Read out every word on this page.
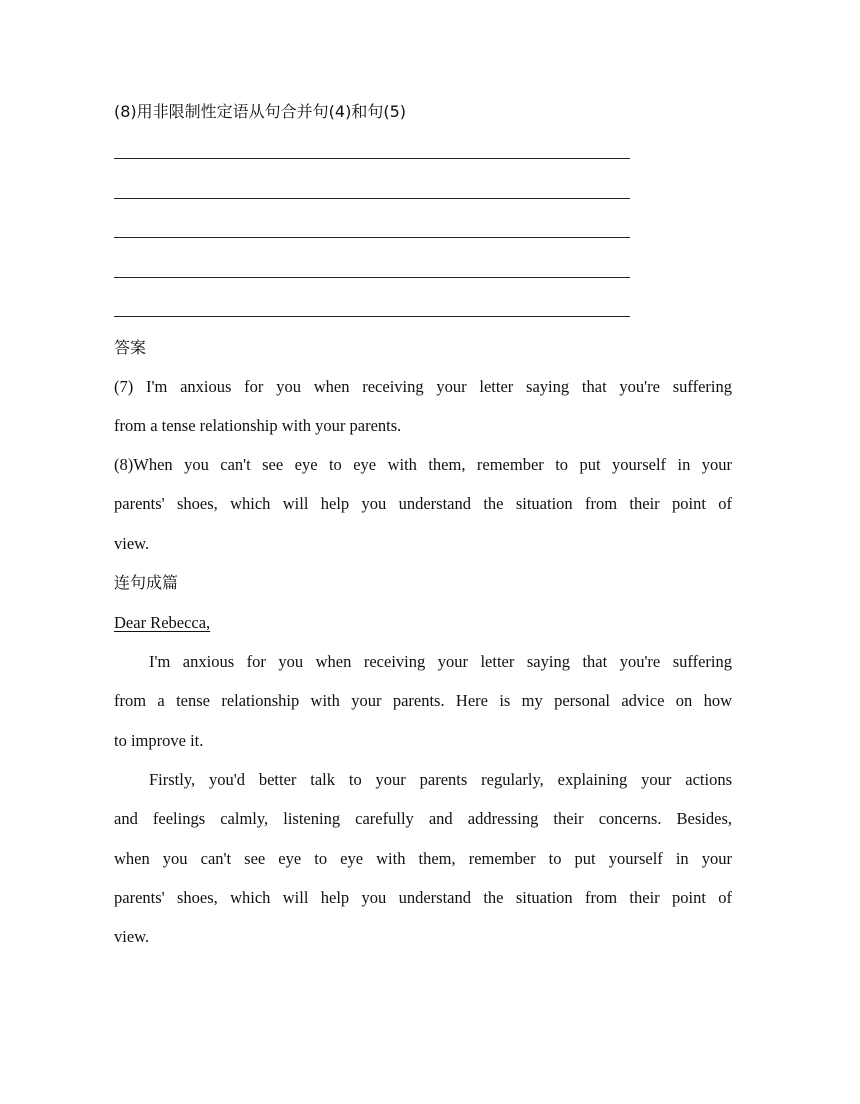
(8)用非限制性定语从句合并句(4)和句(5)
答案
(7) I'm anxious for you when receiving your letter saying that you're suffering
from a tense relationship with your parents.
(8)When you can't see eye to eye with them, remember to put yourself in your
parents' shoes, which will help you understand the situation from their point of
view.
连句成篇
Dear Rebecca,
I'm anxious for you when receiving your letter saying that you're suffering
from a tense relationship with your parents. Here is my personal advice on how
to improve it.
Firstly, you'd better talk to your parents regularly, explaining your actions
and feelings calmly, listening carefully and addressing their concerns. Besides,
when you can't see eye to eye with them, remember to put yourself in your
parents' shoes, which will help you understand the situation from their point of
view.
